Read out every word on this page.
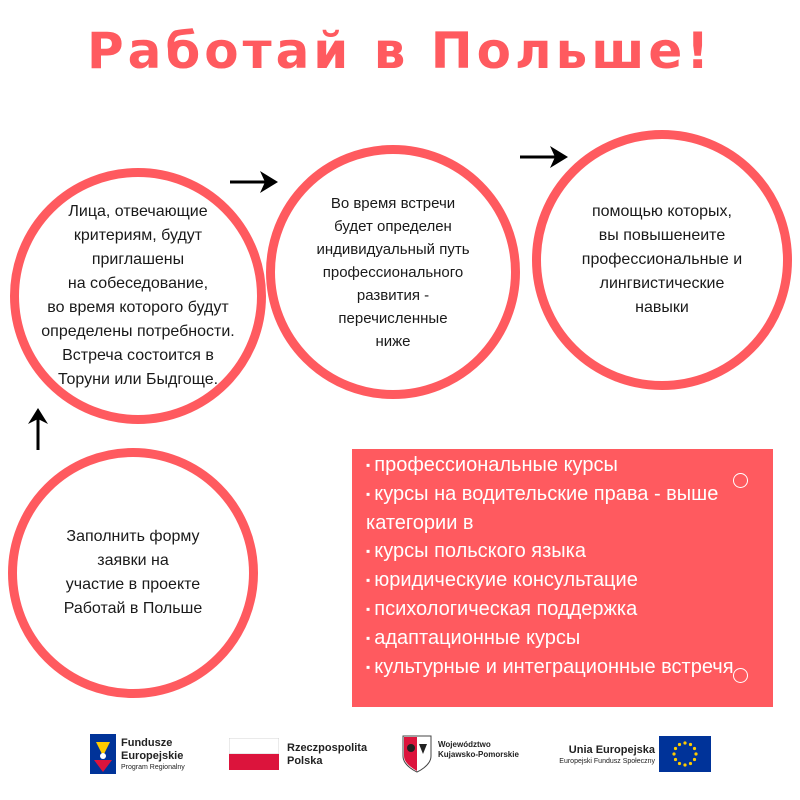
Работай в Польше!
Лица, отвечающие
критериям, будут
приглашены
на собеседование,
во время которого будут
определены потребности.
Встреча состоится в
Торуни или Быдгоще.
Во время встречи
будет определен
индивидуальный путь
профессионального
развития -
перечисленные
ниже
помощью которых,
вы повышенеите
профессиональные и
лингвистические
навыки
Заполнить форму
заявки на
участие в проекте
Работай в Польше
▪ профессиональные курсы
▪ курсы на водительские права - выше категории в
▪ курсы польского языка
▪ юридическуие консультацие
▪ психологическая поддержка
▪ адаптационные курсы
▪ культурные и интеграционные встречя
Fundusze
Europejskie
Program Regionalny
Rzeczpospolita
Polska
Województwo
Kujawsko-Pomorskie	Unia Europejska
Europejski Fundusz Społeczny
